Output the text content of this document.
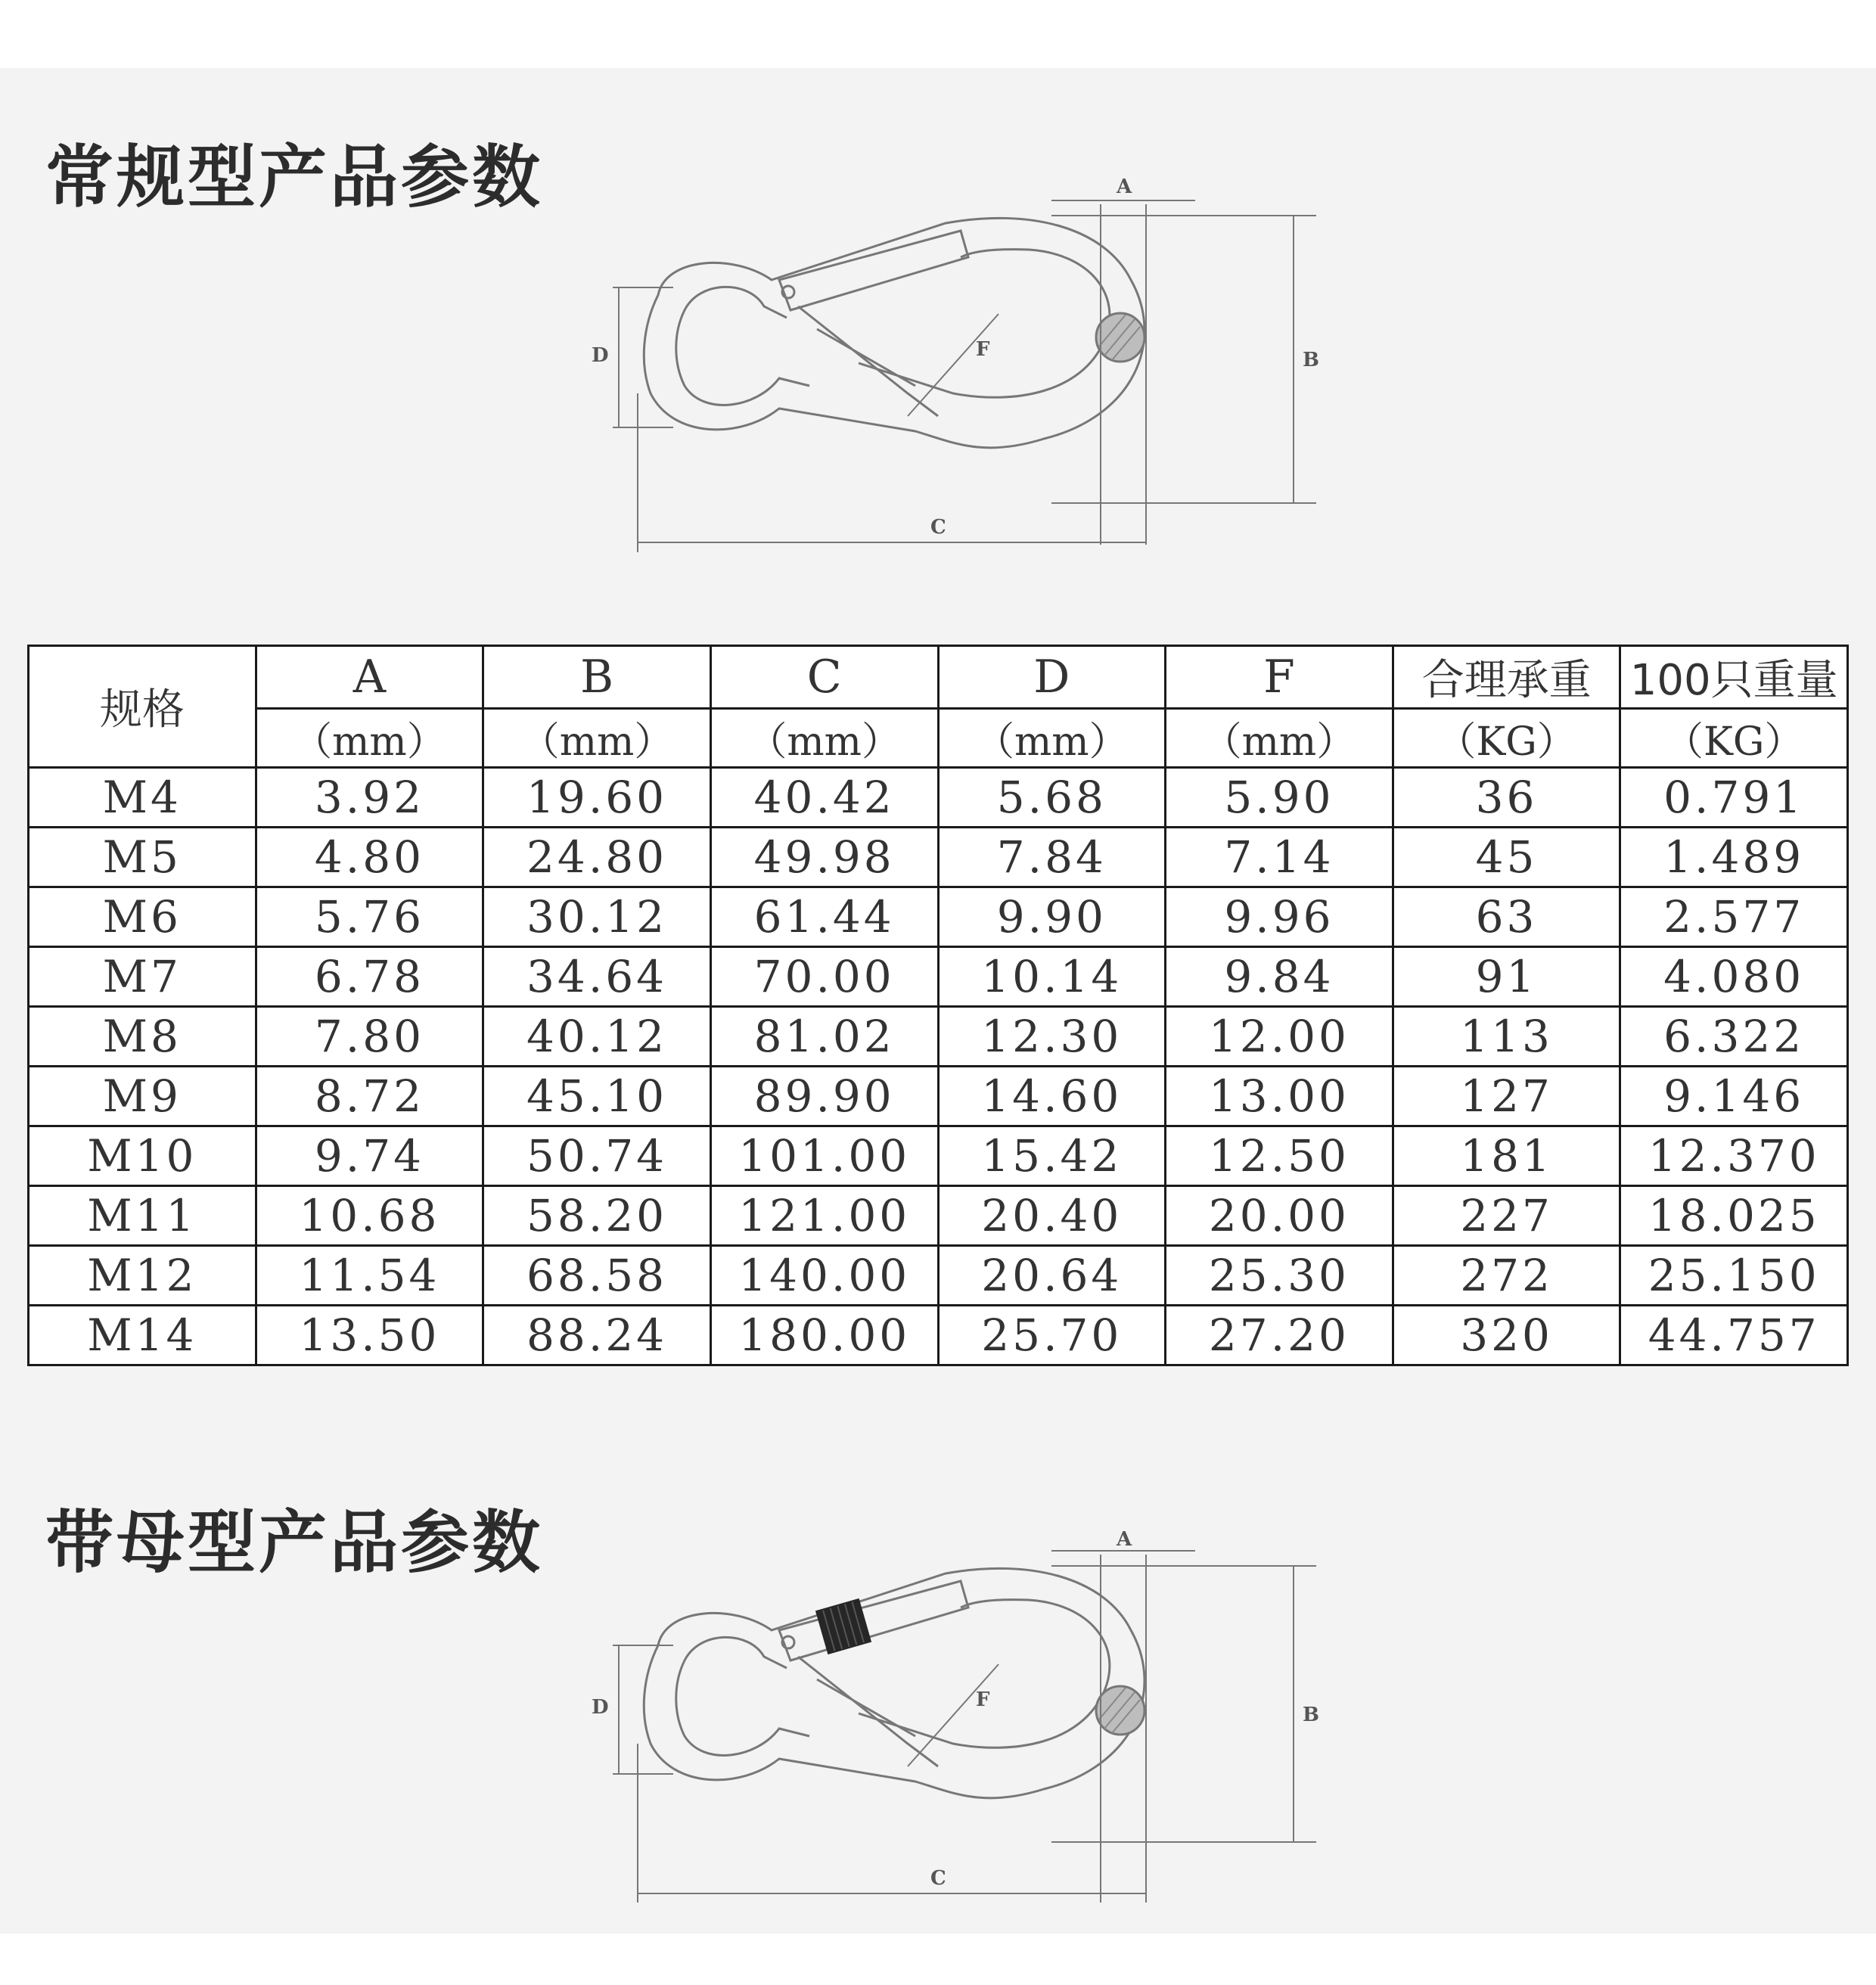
常规型产品参数	A
B
C
D	F
规格	A	B	C	D	F	合理承重	100只重量
	（mm）	（mm）	（mm）	（mm）	（mm）	（KG）	（KG）
M4	3.92	19.60	40.42	5.68	5.90	36	0.791
M5	4.80	24.80	49.98	7.84	7.14	45	1.489
M6	5.76	30.12	61.44	9.90	9.96	63	2.577
M7	6.78	34.64	70.00	10.14	9.84	91	4.080
M8	7.80	40.12	81.02	12.30	12.00	113	6.322
M9	8.72	45.10	89.90	14.60	13.00	127	9.146
M10	9.74	50.74	101.00	15.42	12.50	181	12.370
M11	10.68	58.20	121.00	20.40	20.00	227	18.025
M12	11.54	68.58	140.00	20.64	25.30	272	25.150
M14	13.50	88.24	180.00	25.70	27.20	320	44.757
带母型产品参数	A
B
C
D	F
